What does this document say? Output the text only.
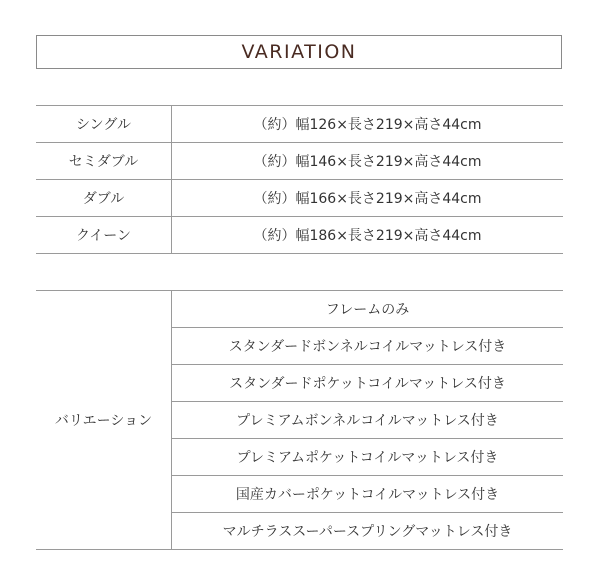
VARIATION
シングル	（約）幅126×長さ219×高さ44cm
セミダブル	（約）幅146×長さ219×高さ44cm
ダブル	（約）幅166×長さ219×高さ44cm
クイーン	（約）幅186×長さ219×高さ44cm
バリエーション	フレームのみ
スタンダードボンネルコイルマットレス付き
スタンダードポケットコイルマットレス付き
プレミアムボンネルコイルマットレス付き
プレミアムポケットコイルマットレス付き
国産カバーポケットコイルマットレス付き
マルチラススーパースプリングマットレス付き
